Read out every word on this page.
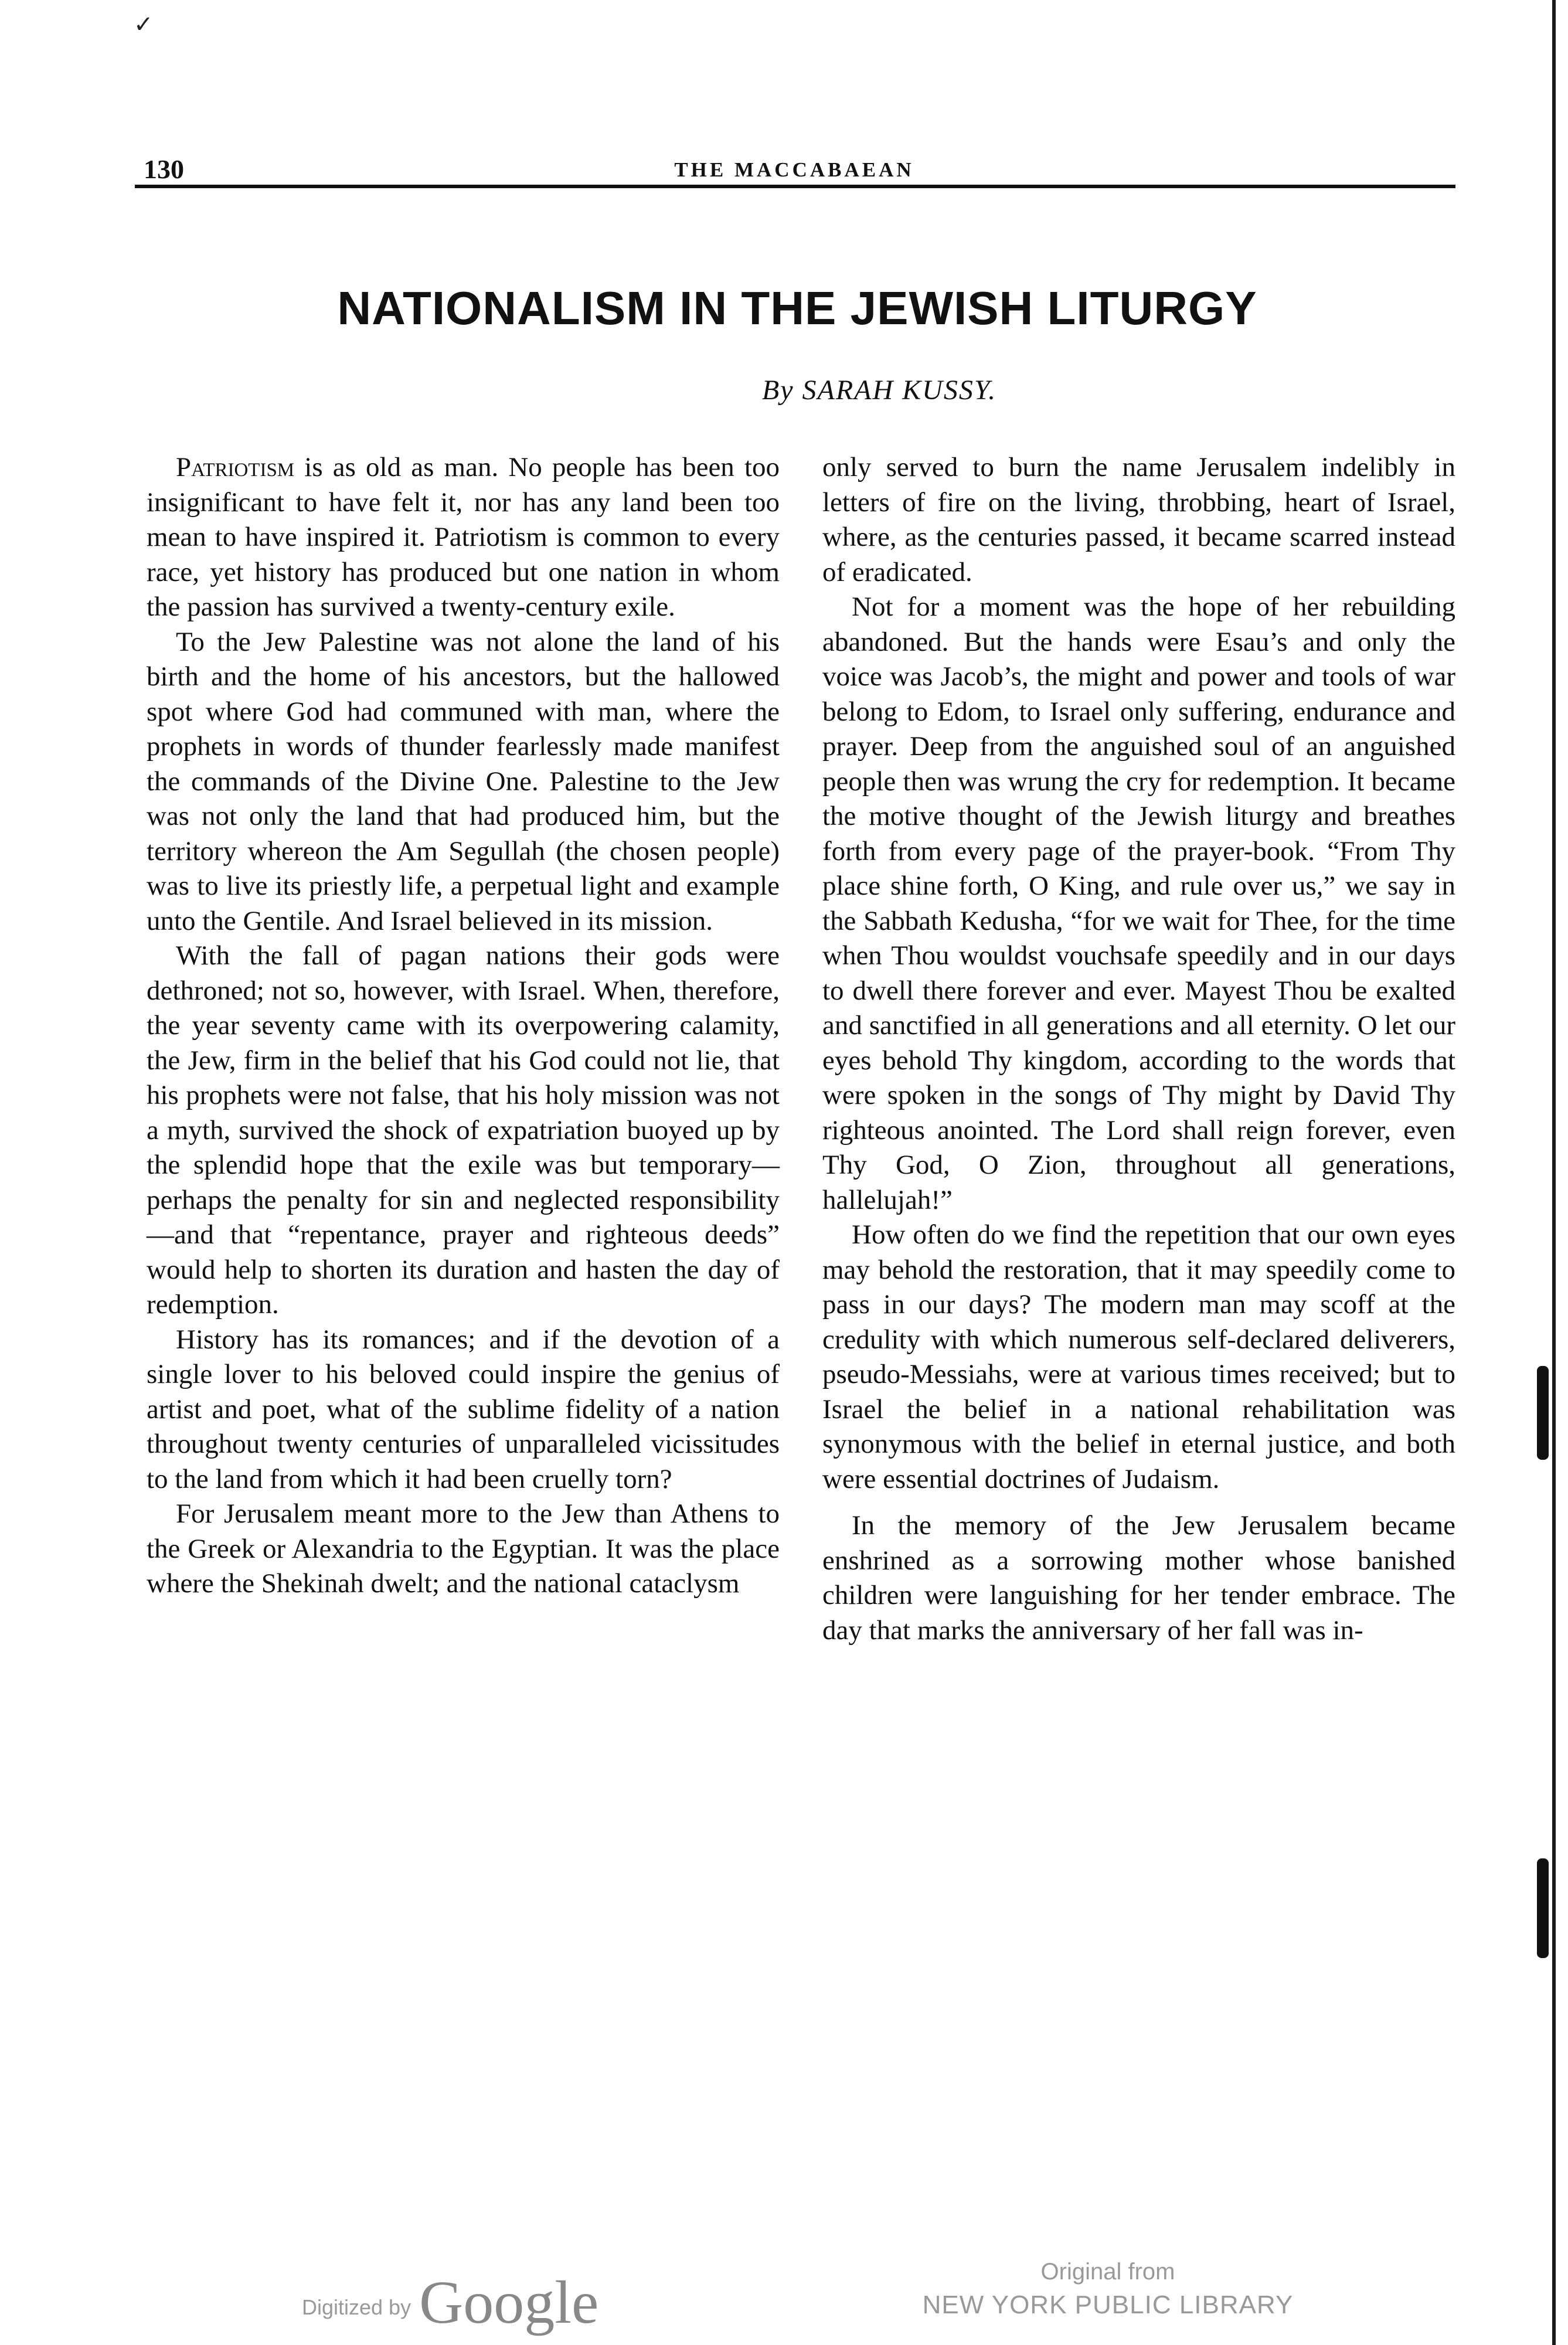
✓
130	THE MACCABAEAN
NATIONALISM IN THE JEWISH LITURGY
By SARAH KUSSY.

Patriotism is as old as man. No people has been too insignificant to have felt it, nor has any land been too mean to have inspired it. Patriotism is common to every race, yet history has produced but one nation in whom the passion has survived a twenty-century exile.

To the Jew Palestine was not alone the land of his birth and the home of his ancestors, but the hallowed spot where God had communed with man, where the prophets in words of thunder fearlessly made manifest the commands of the Divine One. Palestine to the Jew was not only the land that had produced him, but the territory whereon the Am Segullah (the chosen people) was to live its priestly life, a perpetual light and example unto the Gentile. And Israel believed in its mission.

With the fall of pagan nations their gods were dethroned; not so, however, with Israel. When, therefore, the year seventy came with its overpowering calamity, the Jew, firm in the belief that his God could not lie, that his prophets were not false, that his holy mission was not a myth, survived the shock of expatriation buoyed up by the splendid hope that the exile was but temporary—perhaps the penalty for sin and neglected responsibility—and that “repentance, prayer and righteous deeds” would help to shorten its duration and hasten the day of redemption.

History has its romances; and if the devotion of a single lover to his beloved could inspire the genius of artist and poet, what of the sublime fidelity of a nation throughout twenty centuries of unparalleled vicissitudes to the land from which it had been cruelly torn?

For Jerusalem meant more to the Jew than Athens to the Greek or Alexandria to the Egyptian. It was the place where the Shekinah dwelt; and the national cataclysm

only served to burn the name Jerusalem indelibly in letters of fire on the living, throbbing, heart of Israel, where, as the centuries passed, it became scarred instead of eradicated.

Not for a moment was the hope of her rebuilding abandoned. But the hands were Esau’s and only the voice was Jacob’s, the might and power and tools of war belong to Edom, to Israel only suffering, endurance and prayer. Deep from the anguished soul of an anguished people then was wrung the cry for redemption. It became the motive thought of the Jewish liturgy and breathes forth from every page of the prayer-book. “From Thy place shine forth, O King, and rule over us,” we say in the Sabbath Kedusha, “for we wait for Thee, for the time when Thou wouldst vouchsafe speedily and in our days to dwell there forever and ever. Mayest Thou be exalted and sanctified in all generations and all eternity. O let our eyes behold Thy kingdom, according to the words that were spoken in the songs of Thy might by David Thy righteous anointed. The Lord shall reign forever, even Thy God, O Zion, throughout all generations, hallelujah!”

How often do we find the repetition that our own eyes may behold the restoration, that it may speedily come to pass in our days? The modern man may scoff at the credulity with which numerous self-declared deliverers, pseudo-Messiahs, were at various times received; but to Israel the belief in a national rehabilitation was synonymous with the belief in eternal justice, and both were essential doctrines of Judaism.

In the memory of the Jew Jerusalem became enshrined as a sorrowing mother whose banished children were languishing for her tender embrace. The day that marks the anniversary of her fall was in-

Digitized by Google	Original from
NEW YORK PUBLIC LIBRARY
